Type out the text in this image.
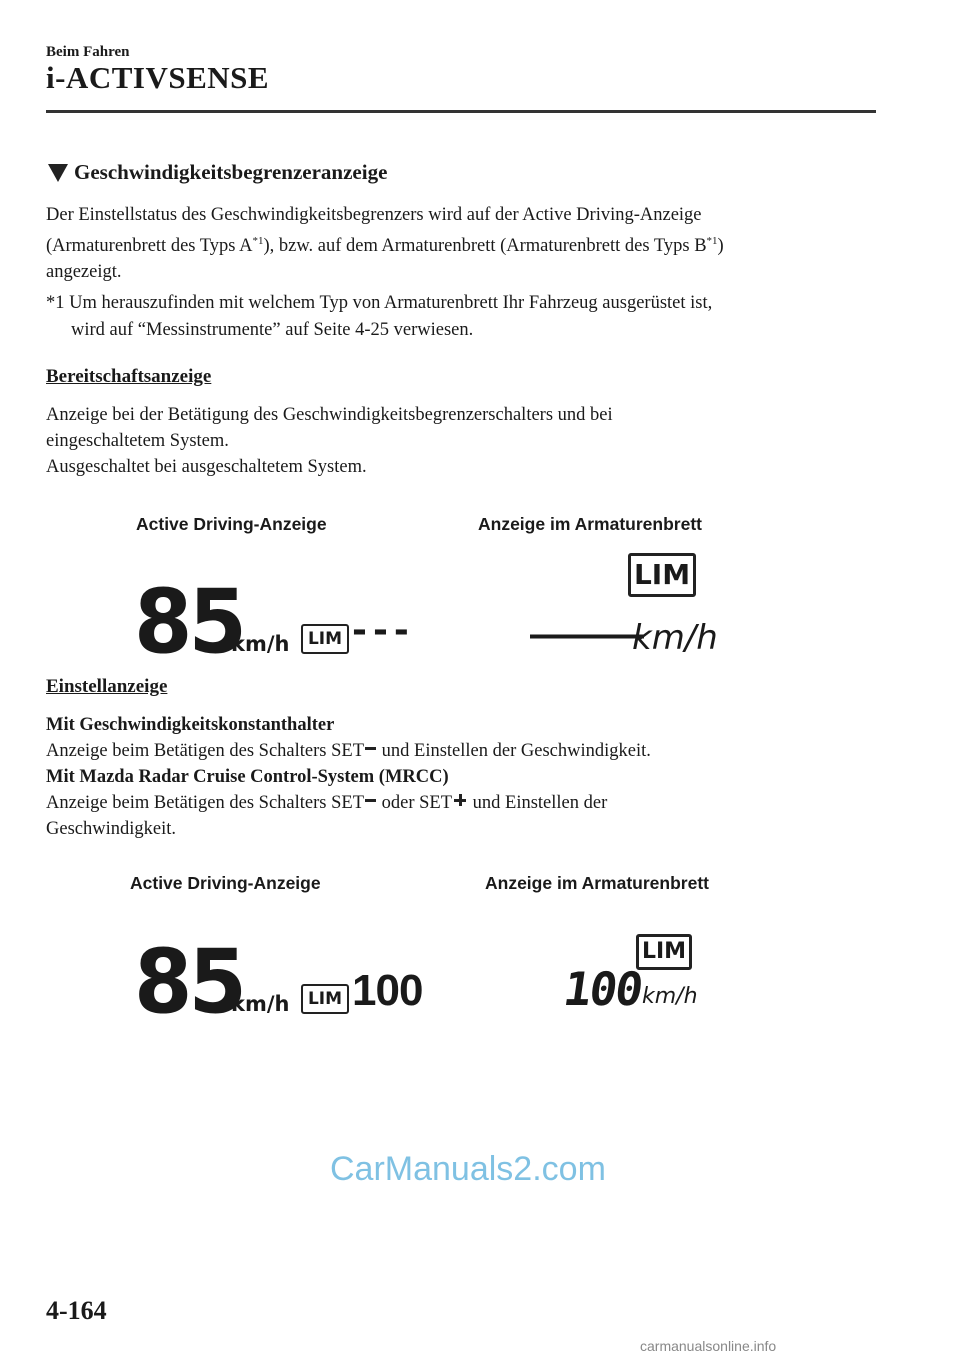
Beim Fahren
i-ACTIVSENSE
Geschwindigkeitsbegrenzeranzeige
Der Einstellstatus des Geschwindigkeitsbegrenzers wird auf der Active Driving-Anzeige
(Armaturenbrett des Typs $A^{*1}$), bzw. auf dem Armaturenbrett (Armaturenbrett des Typs $B^{*1}$)
angezeigt.
*1 Um herauszufinden mit welchem Typ von Armaturenbrett Ihr Fahrzeug ausgerüstet ist,
wird auf “Messinstrumente” auf Seite 4-25 verwiesen.
Bereitschaftsanzeige
Anzeige bei der Betätigung des Geschwindigkeitsbegrenzerschalters und bei
eingeschaltetem System.
Ausgeschaltet bei ausgeschaltetem System.
Active Driving-Anzeige	Anzeige im Armaturenbrett
85
km/h	LIM ---
LIM
———
km/h
Einstellanzeige
Mit Geschwindigkeitskonstanthalter
Anzeige beim Betätigen des Schalters SET und Einstellen der Geschwindigkeit.
Mit Mazda Radar Cruise Control-System (MRCC)
Anzeige beim Betätigen des Schalters SET oder SET und Einstellen der
Geschwindigkeit.
Active Driving-Anzeige	Anzeige im Armaturenbrett
85
km/h	LIM 100
LIM
100
km/h
CarManuals2.com
4-164
carmanualsonline.info
